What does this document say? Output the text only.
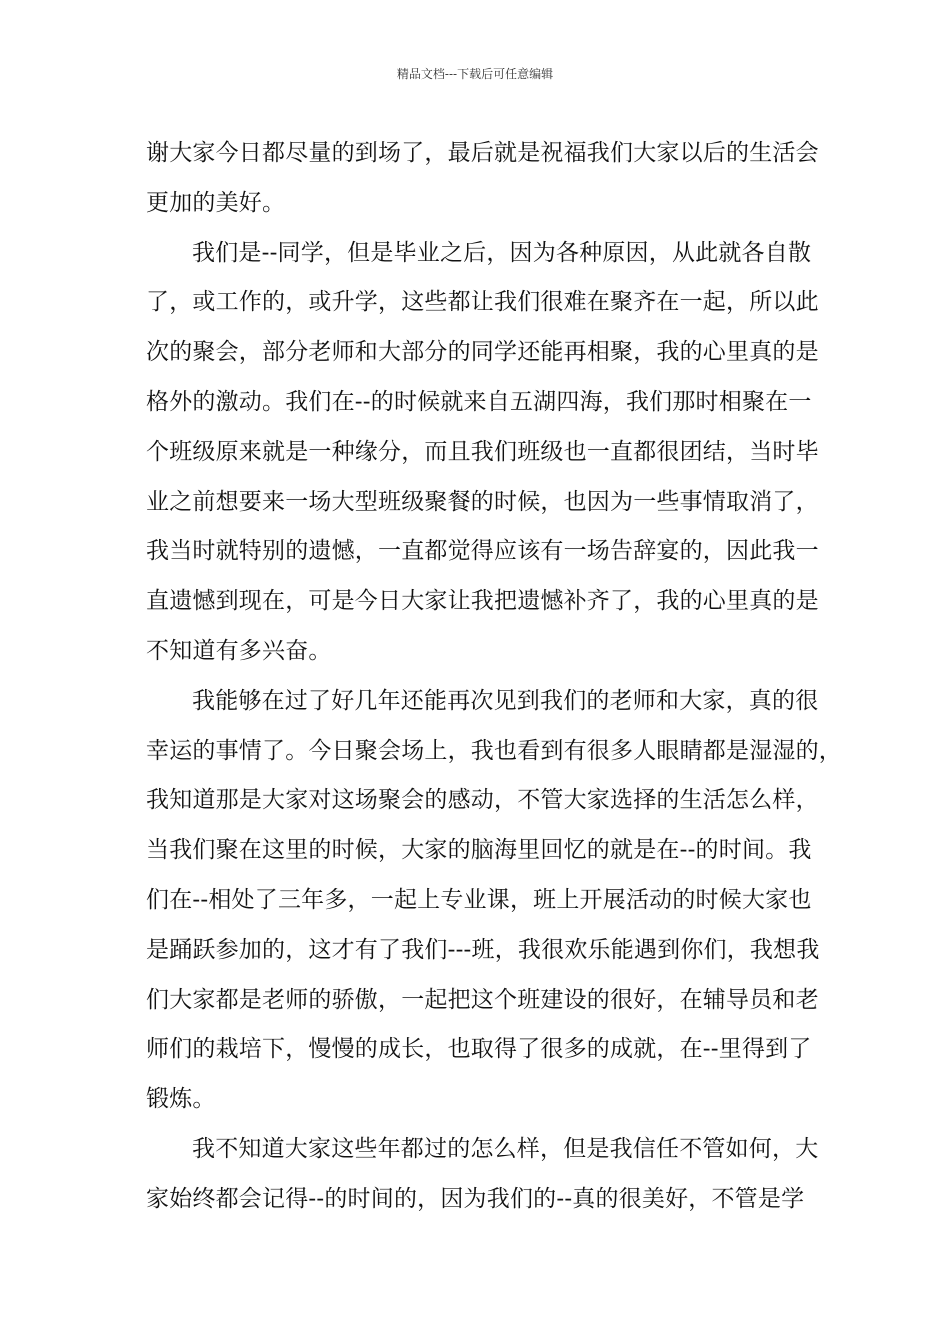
精品文档---下载后可任意编辑
谢大家今日都尽量的到场了，最后就是祝福我们大家以后的生活会
更加的美好。
我们是--同学，但是毕业之后，因为各种原因，从此就各自散
了，或工作的，或升学，这些都让我们很难在聚齐在一起，所以此
次的聚会，部分老师和大部分的同学还能再相聚，我的心里真的是
格外的激动。我们在--的时候就来自五湖四海，我们那时相聚在一
个班级原来就是一种缘分，而且我们班级也一直都很团结，当时毕
业之前想要来一场大型班级聚餐的时候，也因为一些事情取消了，
我当时就特别的遗憾，一直都觉得应该有一场告辞宴的，因此我一
直遗憾到现在，可是今日大家让我把遗憾补齐了，我的心里真的是
不知道有多兴奋。
我能够在过了好几年还能再次见到我们的老师和大家，真的很
幸运的事情了。今日聚会场上，我也看到有很多人眼睛都是湿湿的，
我知道那是大家对这场聚会的感动，不管大家选择的生活怎么样，
当我们聚在这里的时候，大家的脑海里回忆的就是在--的时间。我
们在--相处了三年多，一起上专业课，班上开展活动的时候大家也
是踊跃参加的，这才有了我们---班，我很欢乐能遇到你们，我想我
们大家都是老师的骄傲，一起把这个班建设的很好，在辅导员和老
师们的栽培下，慢慢的成长，也取得了很多的成就，在--里得到了
锻炼。
我不知道大家这些年都过的怎么样，但是我信任不管如何，大
家始终都会记得--的时间的，因为我们的--真的很美好，不管是学
